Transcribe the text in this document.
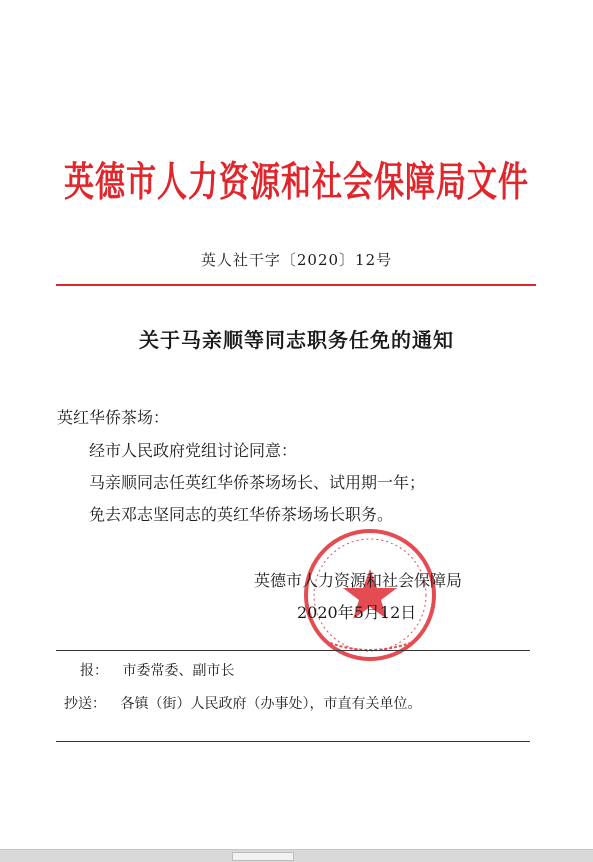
英德市人力资源和社会保障局文件
英人社干字〔2020〕12号
关于马亲顺等同志职务任免的通知
英红华侨茶场：
经市人民政府党组讨论同意：
马亲顺同志任英红华侨茶场场长、试用期一年；
免去邓志坚同志的英红华侨茶场场长职务。
英德市人力资源和社会保障局
2020年5月12日
报： 市委常委、副市长
抄送： 各镇（街）人民政府（办事处），市直有关单位。
